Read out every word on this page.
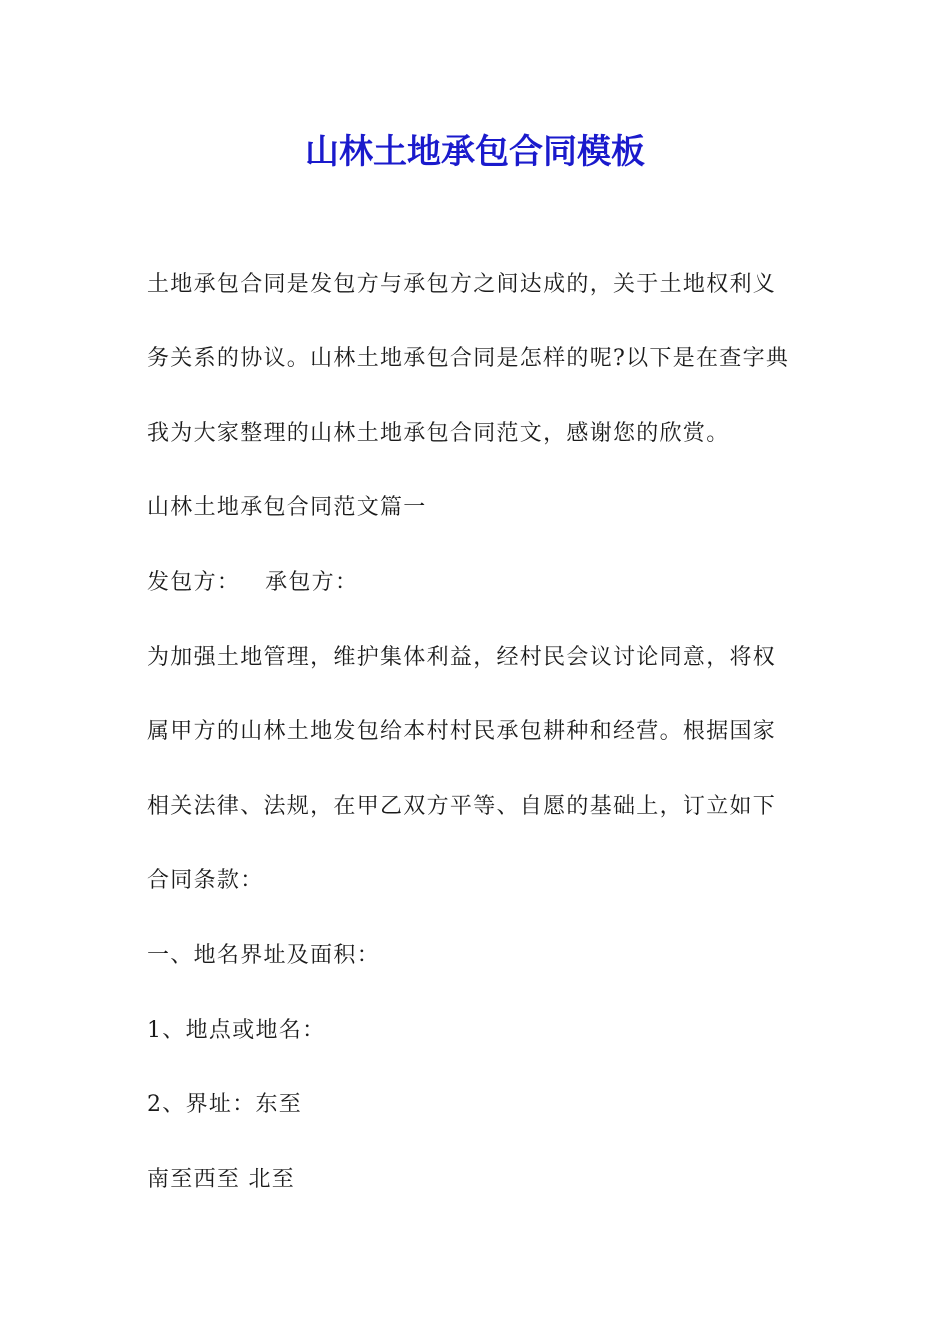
山林土地承包合同模板

土地承包合同是发包方与承包方之间达成的，关于土地权利义

务关系的协议。山林土地承包合同是怎样的呢?以下是在查字典

我为大家整理的山林土地承包合同范文，感谢您的欣赏。

山林土地承包合同范文篇一

发包方：   承包方：

为加强土地管理，维护集体利益，经村民会议讨论同意，将权

属甲方的山林土地发包给本村村民承包耕种和经营。根据国家

相关法律、法规，在甲乙双方平等、自愿的基础上，订立如下

合同条款：

一、地名界址及面积：

1、地点或地名：

2、界址：东至

南至西至 北至
